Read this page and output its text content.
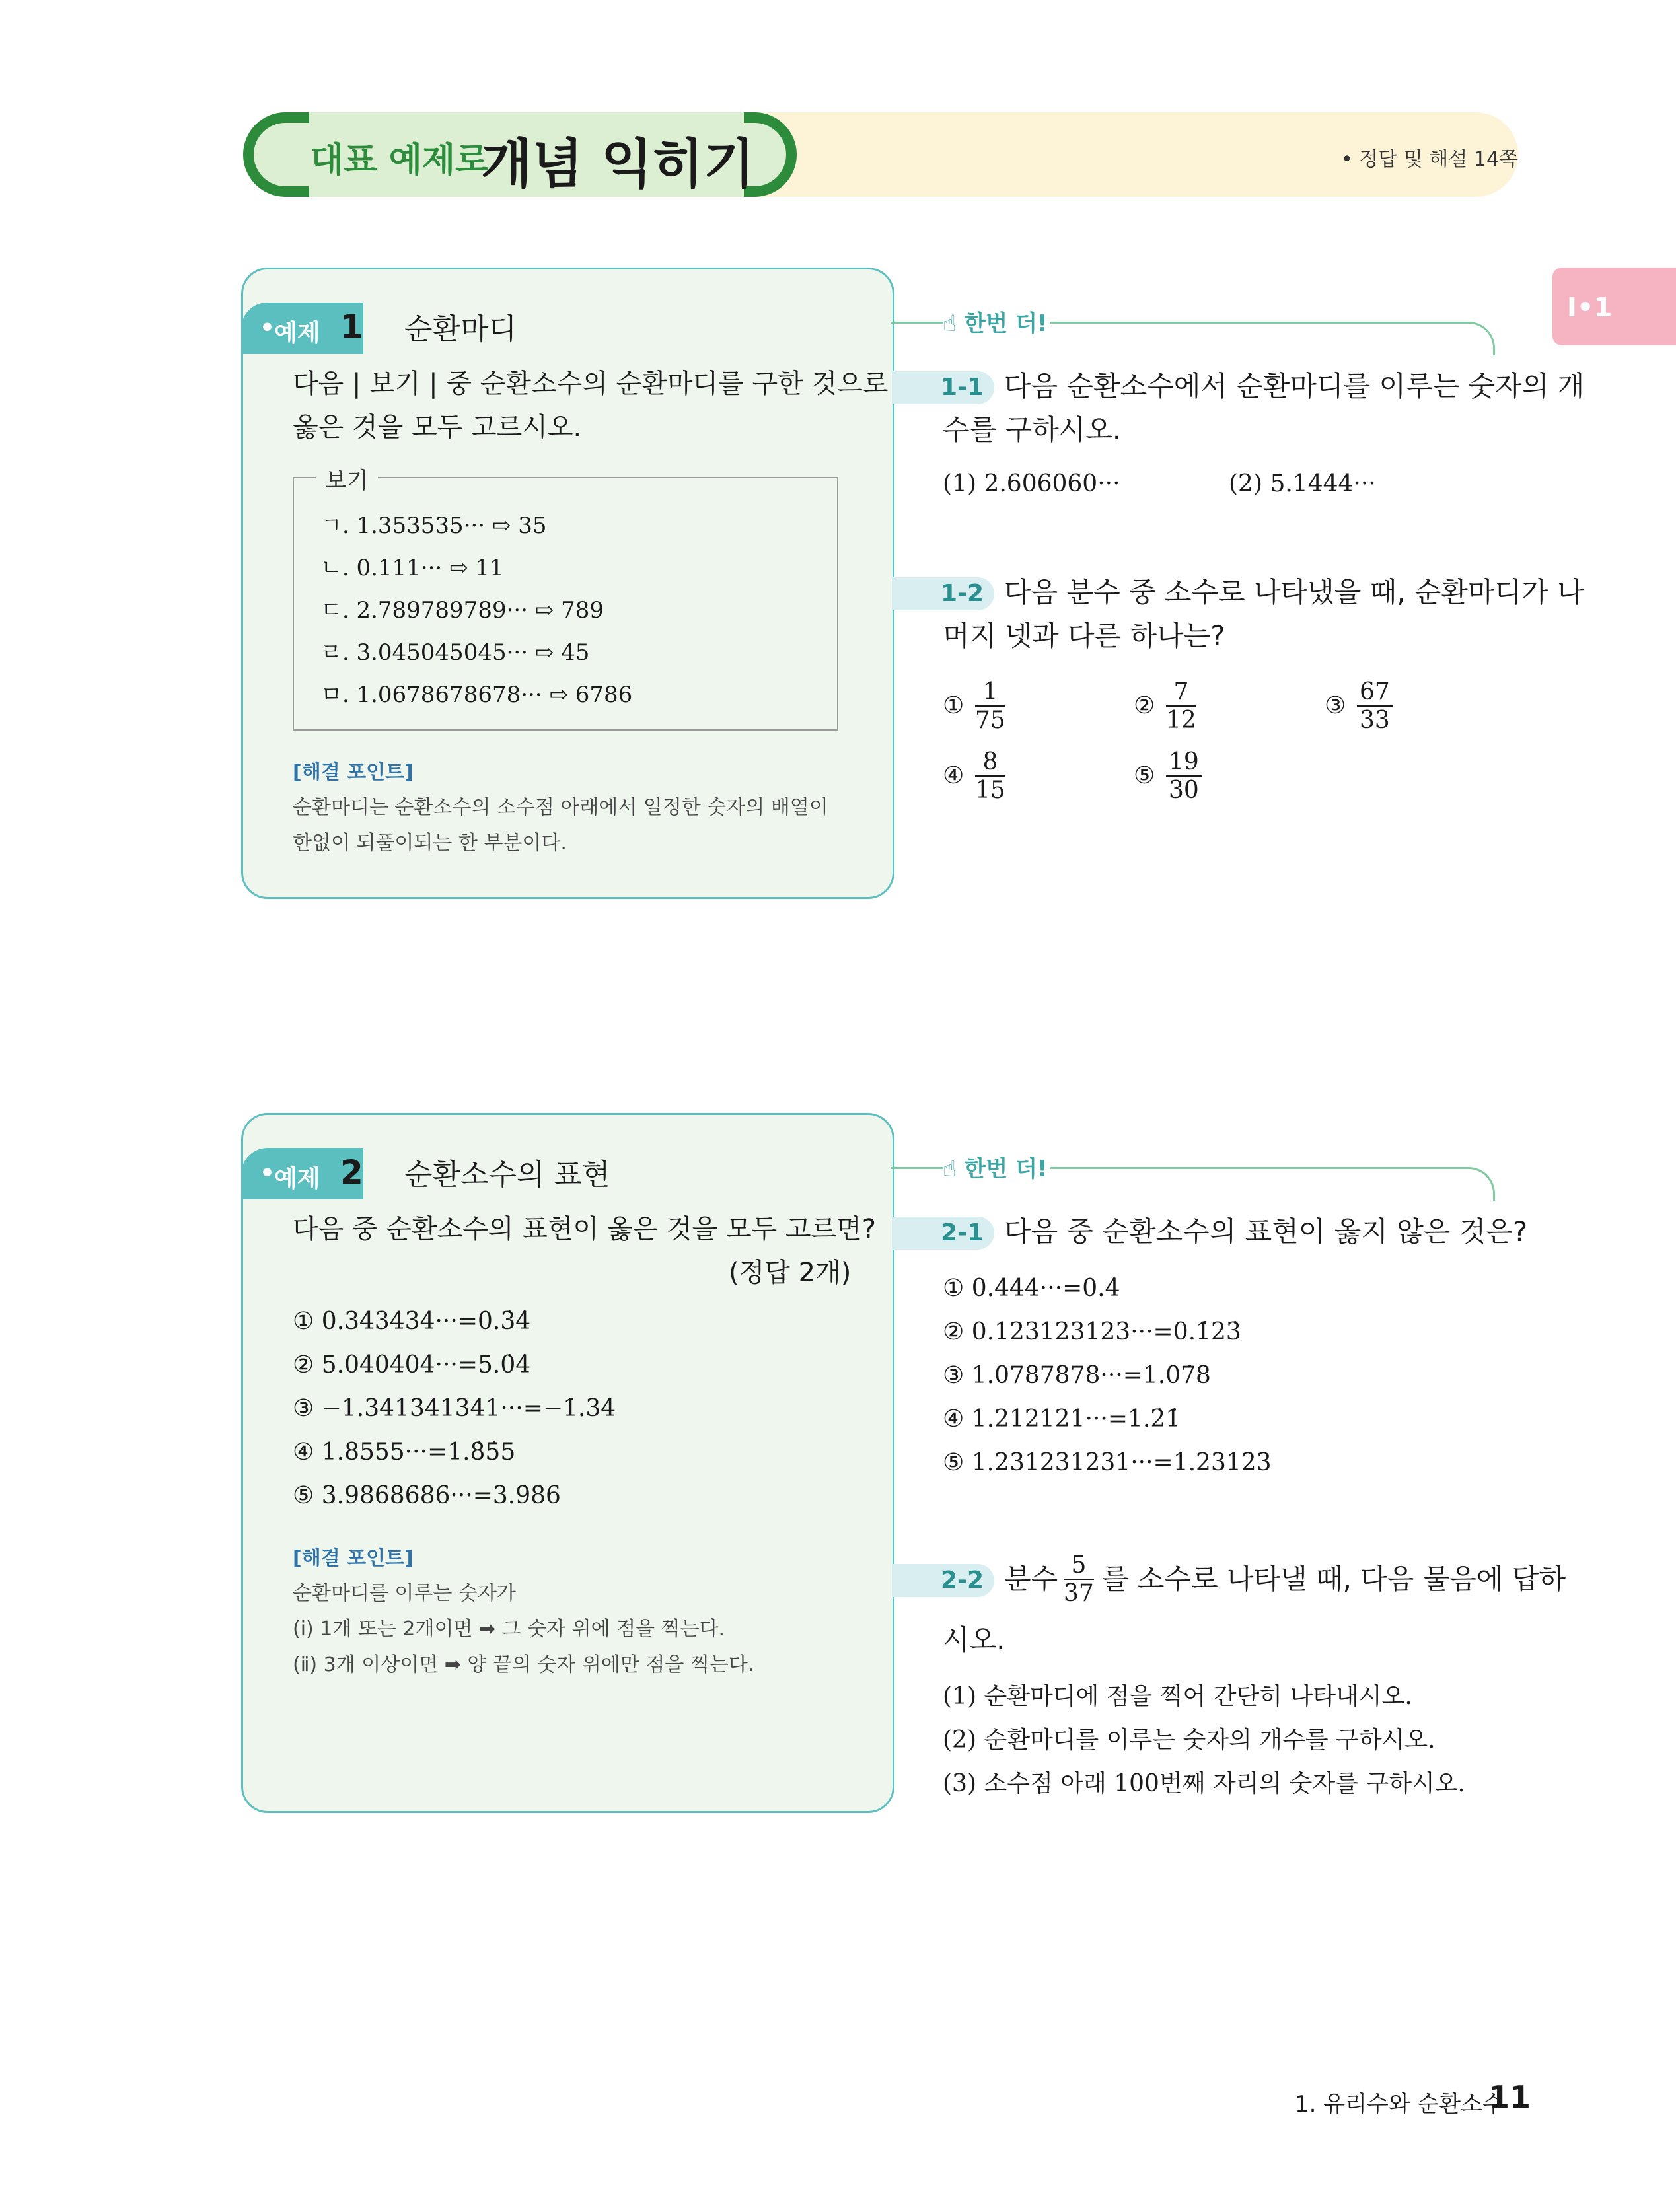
대표 예제로
개념 익히기	• 정답 및 해설 14쪽
Ⅰ•1
•
예제 1 순환마디
다음 | 보기 | 중 순환소수의 순환마디를 구한 것으로
옳은 것을 모두 고르시오.
보기
ㄱ. 1.353535··· ⇨ 35
ㄴ. 0.111··· ⇨ 11
ㄷ. 2.789789789··· ⇨ 789
ㄹ. 3.045045045··· ⇨ 45
ㅁ. 1.0678678678··· ⇨ 6786
[해결 포인트]
순환마디는 순환소수의 소수점 아래에서 일정한 숫자의 배열이
한없이 되풀이되는 한 부분이다.
☝ 한번 더!
1-1 다음 순환소수에서 순환마디를 이루는 숫자의 개
수를 구하시오.
(1) 2.606060···	(2) 5.1444···
1-2 다음 분수 중 소수로 나타냈을 때, 순환마디가 나
머지 넷과 다른 하나는?
① $\frac{1}{75}$	② $\frac{7}{12}$	③ $\frac{67}{33}$
④ $\frac{8}{15}$	⑤ $\frac{19}{30}$
•
예제 2 순환소수의 표현
다음 중 순환소수의 표현이 옳은 것을 모두 고르면?
(정답 2개)
① 0.343434···=0.3̇4̇
② 5.040404···=5.0̇4̇
③ −1.341341341···=−1̇.34̇
④ 1.8555···=1.8̇5̇5
⑤ 3.9868686···=3.9̇8̇6
[해결 포인트]
순환마디를 이루는 숫자가
(ⅰ) 1개 또는 2개이면 ➡ 그 숫자 위에 점을 찍는다.
(ⅱ) 3개 이상이면 ➡ 양 끝의 숫자 위에만 점을 찍는다.
☝ 한번 더!
2-1 다음 중 순환소수의 표현이 옳지 않은 것은?
① 0.444···=0.4̇
② 0.123123123···=0.1̇23̇
③ 1.0787878···=1.07̇8̇
④ 1.212121···=1.2̇1̇
⑤ 1.231231231···=1.23̇12̇3
2-2 분수 $\frac{5}{37}$ 를 소수로 나타낼 때, 다음 물음에 답하
시오.
(1) 순환마디에 점을 찍어 간단히 나타내시오.
(2) 순환마디를 이루는 숫자의 개수를 구하시오.
(3) 소수점 아래 100번째 자리의 숫자를 구하시오.
1. 유리수와 순환소수
11
